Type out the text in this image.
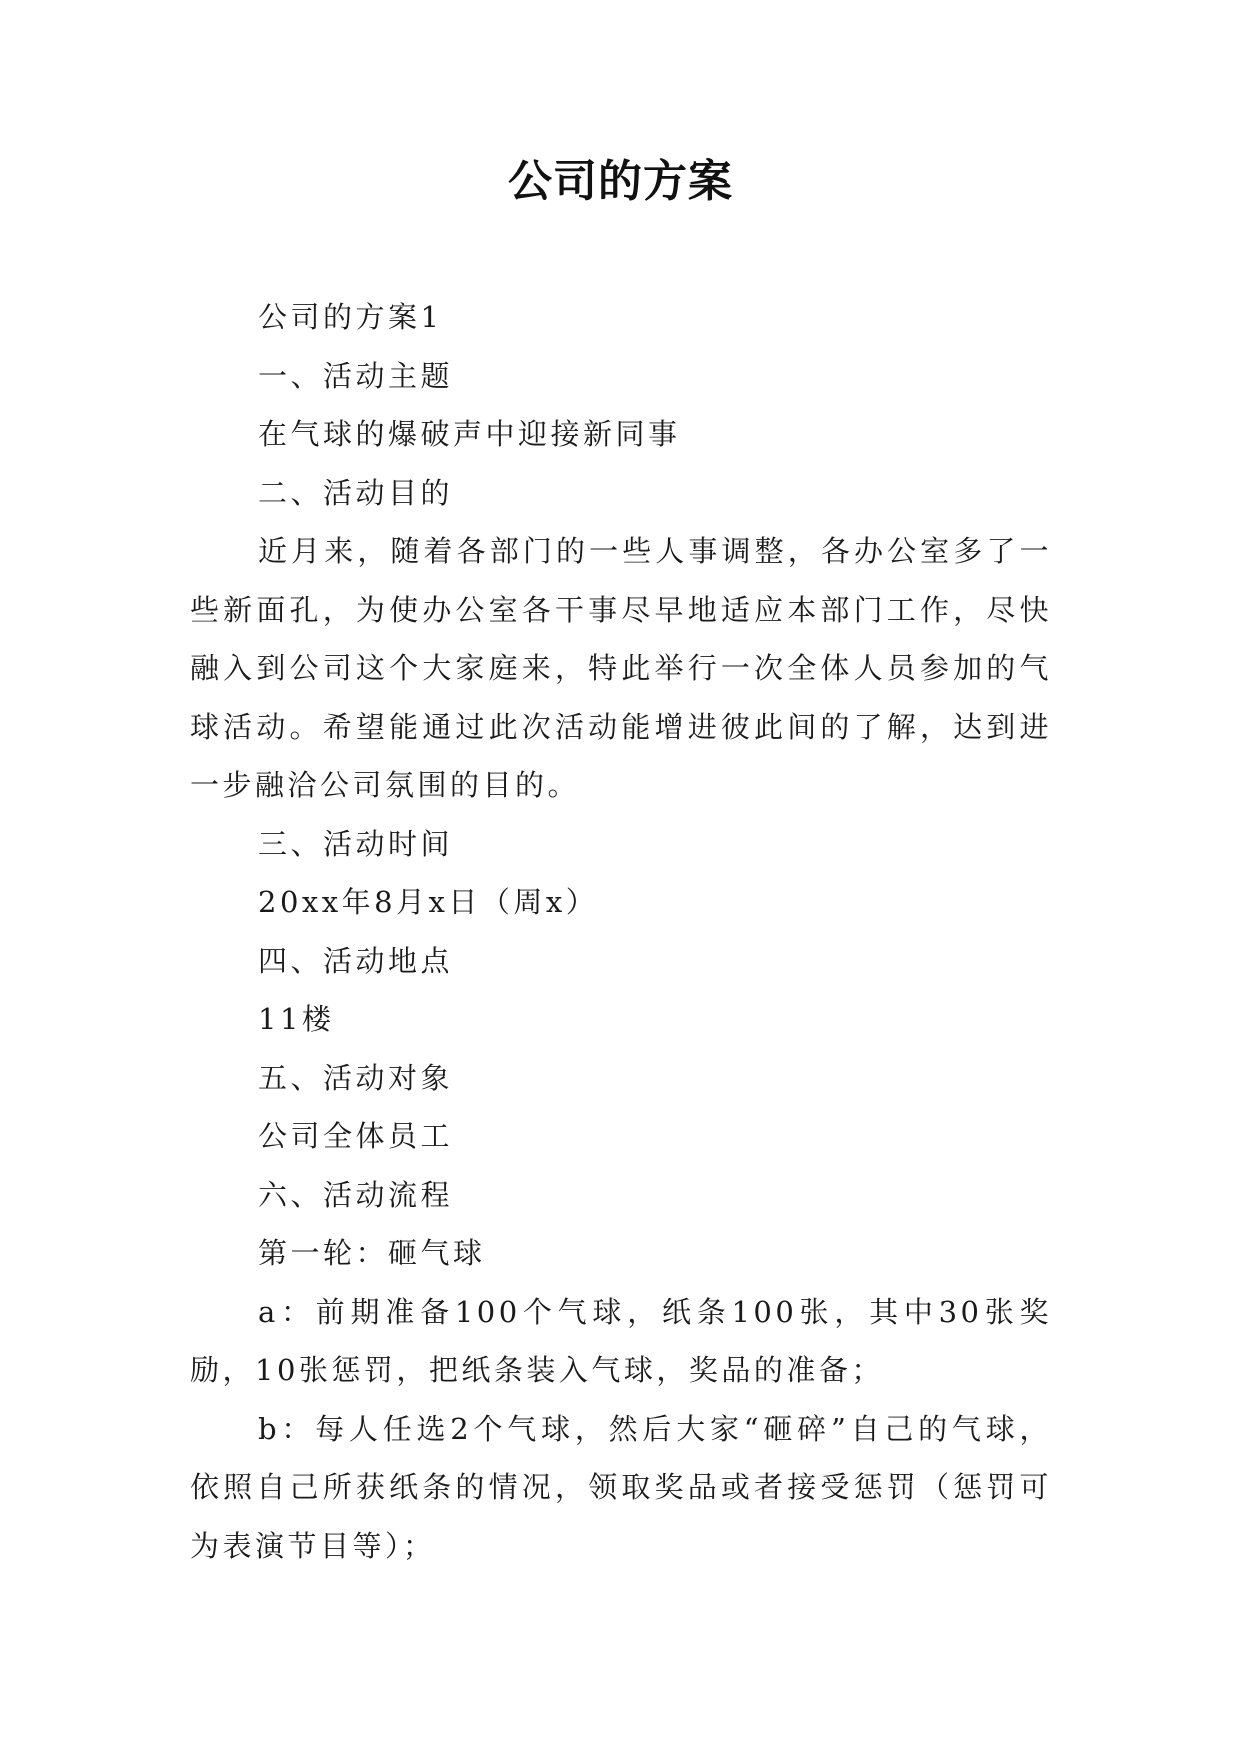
公司的方案

公司的方案1

一、活动主题

在气球的爆破声中迎接新同事

二、活动目的

近月来，随着各部门的一些人事调整，各办公室多了一些新面孔，为使办公室各干事尽早地适应本部门工作，尽快融入到公司这个大家庭来，特此举行一次全体人员参加的气球活动。希望能通过此次活动能增进彼此间的了解，达到进一步融洽公司氛围的目的。

三、活动时间

20xx年8月x日（周x）

四、活动地点

11楼

五、活动对象

公司全体员工

六、活动流程

第一轮：砸气球

a：前期准备100个气球，纸条100张，其中30张奖励，10张惩罚，把纸条装入气球，奖品的准备；

b：每人任选2个气球，然后大家“砸碎”自己的气球，依照自己所获纸条的情况，领取奖品或者接受惩罚（惩罚可为表演节目等）；
